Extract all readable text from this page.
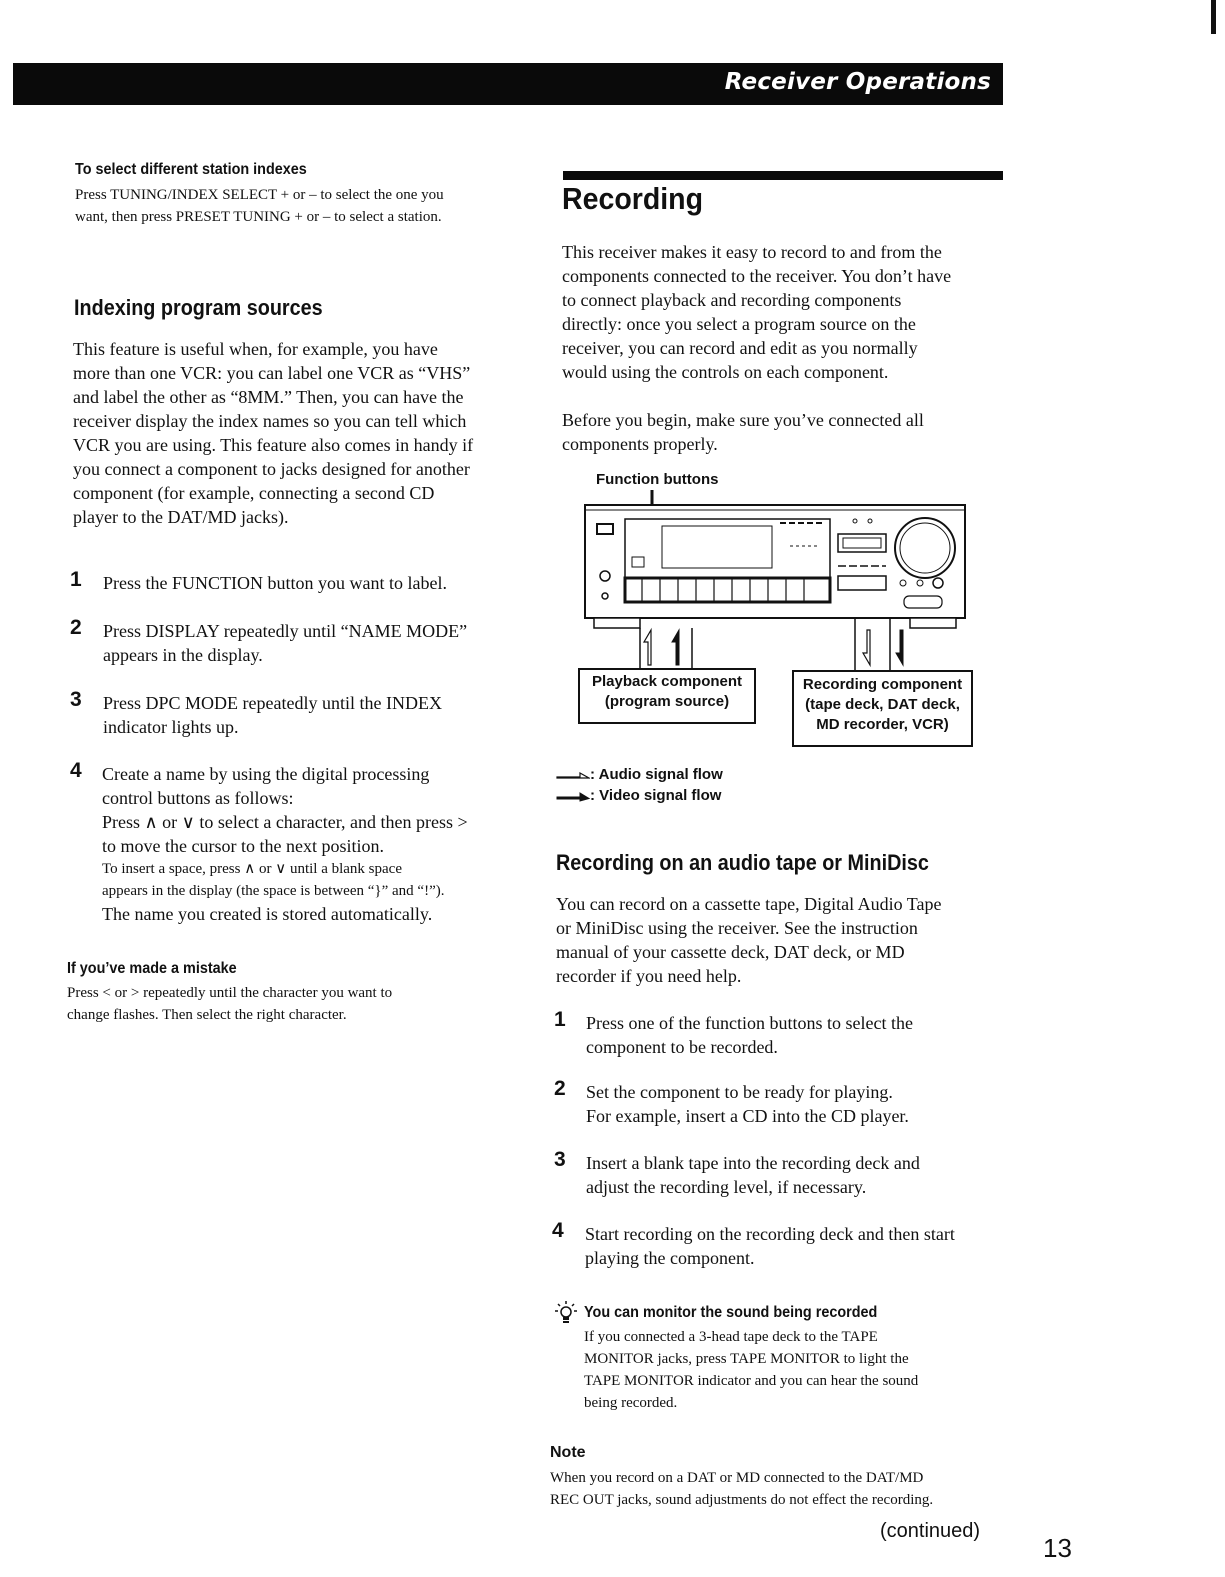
Receiver Operations
To select different station indexes
Press TUNING/INDEX SELECT + or – to select the one you
want, then press PRESET TUNING + or – to select a station.
Indexing program sources
This feature is useful when, for example, you have
more than one VCR: you can label one VCR as “VHS”
and label the other as “8MM.” Then, you can have the
receiver display the index names so you can tell which
VCR you are using. This feature also comes in handy if
you connect a component to jacks designed for another
component (for example, connecting a second CD
player to the DAT/MD jacks).
1 Press the FUNCTION button you want to label.
2 Press DISPLAY repeatedly until “NAME MODE”
appears in the display.
3 Press DPC MODE repeatedly until the INDEX
indicator lights up.
4 Create a name by using the digital processing
control buttons as follows:
Press ∧ or ∨ to select a character, and then press >
to move the cursor to the next position.
To insert a space, press ∧ or ∨ until a blank space
appears in the display (the space is between “}” and “!”).
The name you created is stored automatically.
If you’ve made a mistake
Press < or > repeatedly until the character you want to
change flashes. Then select the right character.
Recording
This receiver makes it easy to record to and from the
components connected to the receiver. You don’t have
to connect playback and recording components
directly: once you select a program source on the
receiver, you can record and edit as you normally
would using the controls on each component.
Before you begin, make sure you’ve connected all
components properly.
Function buttons
Playback component
(program source)
Recording component
(tape deck, DAT deck,
MD recorder, VCR)
: Audio signal flow
: Video signal flow
Recording on an audio tape or MiniDisc
You can record on a cassette tape, Digital Audio Tape
or MiniDisc using the receiver. See the instruction
manual of your cassette deck, DAT deck, or MD
recorder if you need help.
1 Press one of the function buttons to select the
component to be recorded.
2 Set the component to be ready for playing.
For example, insert a CD into the CD player.
3 Insert a blank tape into the recording deck and
adjust the recording level, if necessary.
4 Start recording on the recording deck and then start
playing the component.
You can monitor the sound being recorded
If you connected a 3-head tape deck to the TAPE
MONITOR jacks, press TAPE MONITOR to light the
TAPE MONITOR indicator and you can hear the sound
being recorded.
Note
When you record on a DAT or MD connected to the DAT/MD
REC OUT jacks, sound adjustments do not effect the recording.
(continued)
13
